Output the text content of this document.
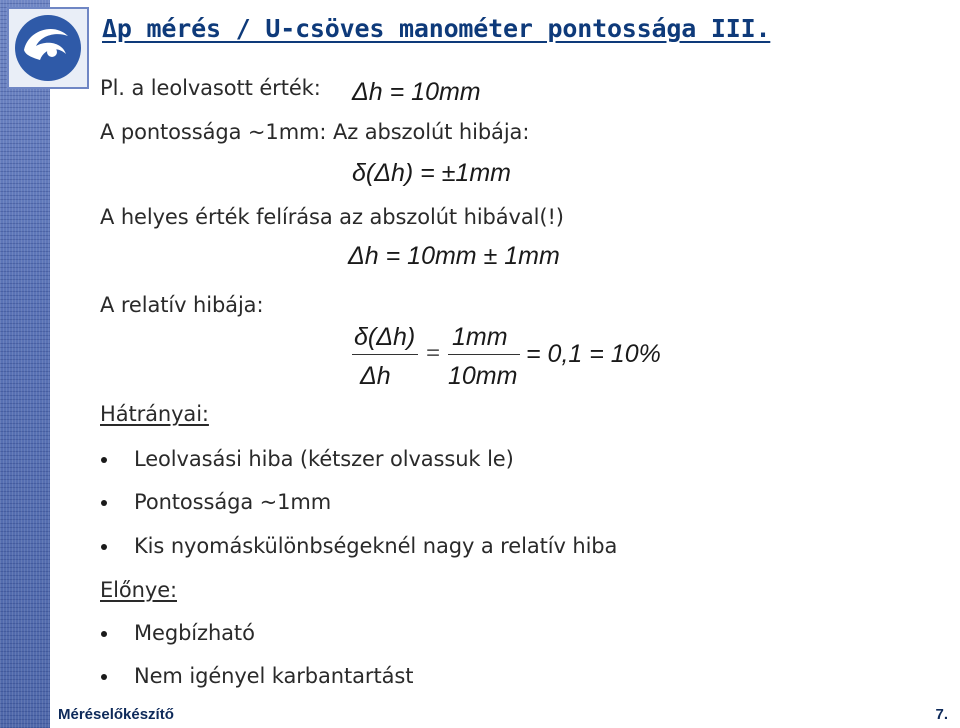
Δp mérés / U-csöves manométer pontossága III.
Pl. a leolvasott érték: Δh = 10mm
A pontossága ~1mm: Az abszolút hibája:
δ(Δh) = ±1mm
A helyes érték felírása az abszolút hibával(!)
Δh = 10mm ± 1mm
A relatív hibája:
δ(Δh)
Δh
=
1mm
10mm
= 0,1 = 10%
Hátrányai:
Leolvasási hiba (kétszer olvassuk le)
Pontossága ~1mm
Kis nyomáskülönbségeknél nagy a relatív hiba
Előnye:
Megbízható
Nem igényel karbantartást
Méréselőkészítő	7.
